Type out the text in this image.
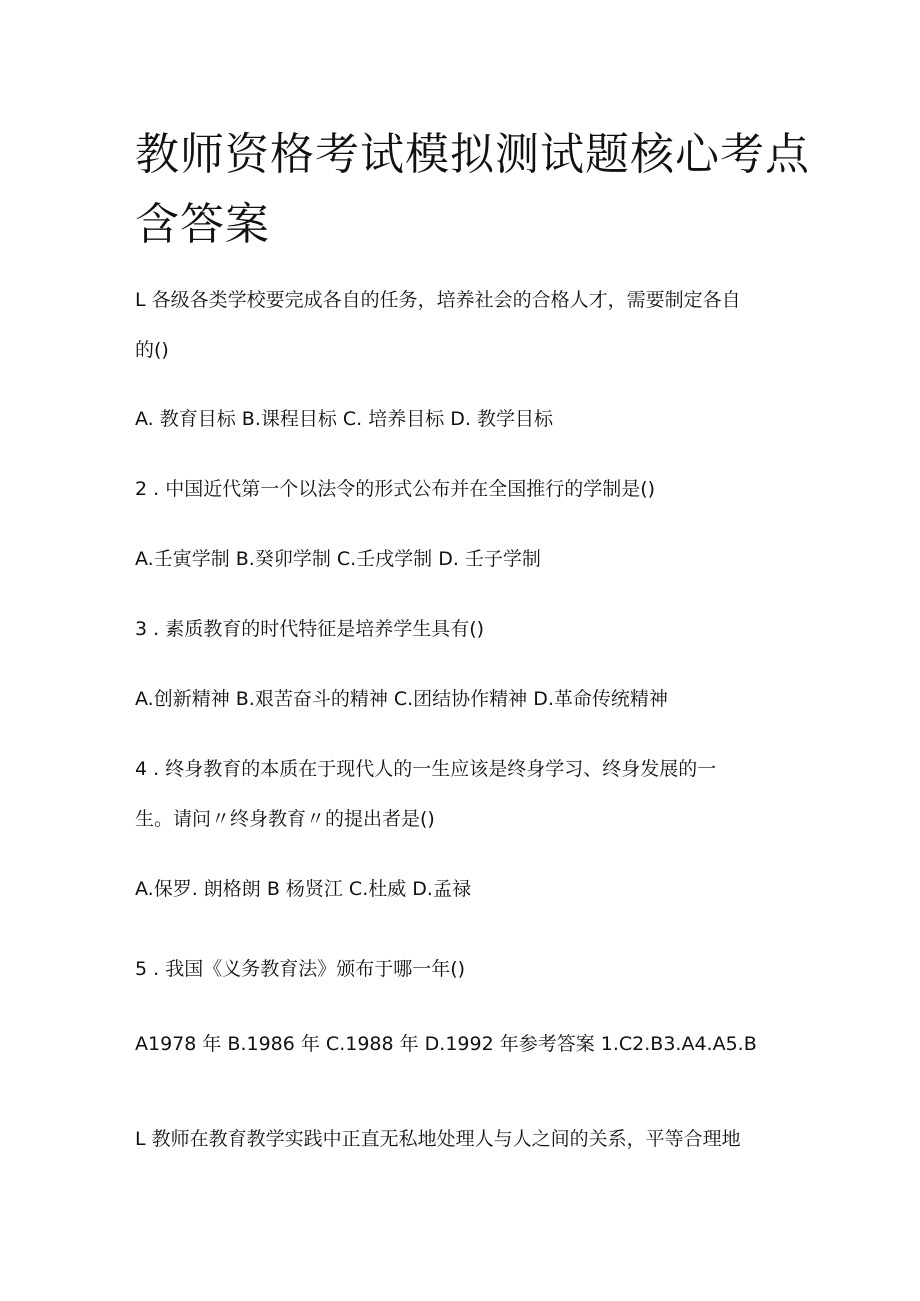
教师资格考试模拟测试题核心考点
含答案
L 各级各类学校要完成各自的任务，培养社会的合格人才，需要制定各自
的()
A. 教育目标 B.课程目标 C. 培养目标 D. 教学目标
2 . 中国近代第一个以法令的形式公布并在全国推行的学制是()
A.壬寅学制 B.癸卯学制 C.壬戌学制 D. 壬子学制
3 . 素质教育的时代特征是培养学生具有()
A.创新精神 B.艰苦奋斗的精神 C.团结协作精神 D.革命传统精神
4 . 终身教育的本质在于现代人的一生应该是终身学习、终身发展的一
生。请问〃终身教育〃的提出者是()
A.保罗. 朗格朗 B 杨贤江 C.杜威 D.孟禄
5 . 我国《义务教育法》颁布于哪一年()
A1978 年 B.1986 年 C.1988 年 D.1992 年参考答案 1.C2.B3.A4.A5.B
L 教师在教育教学实践中正直无私地处理人与人之间的关系，平等合理地
